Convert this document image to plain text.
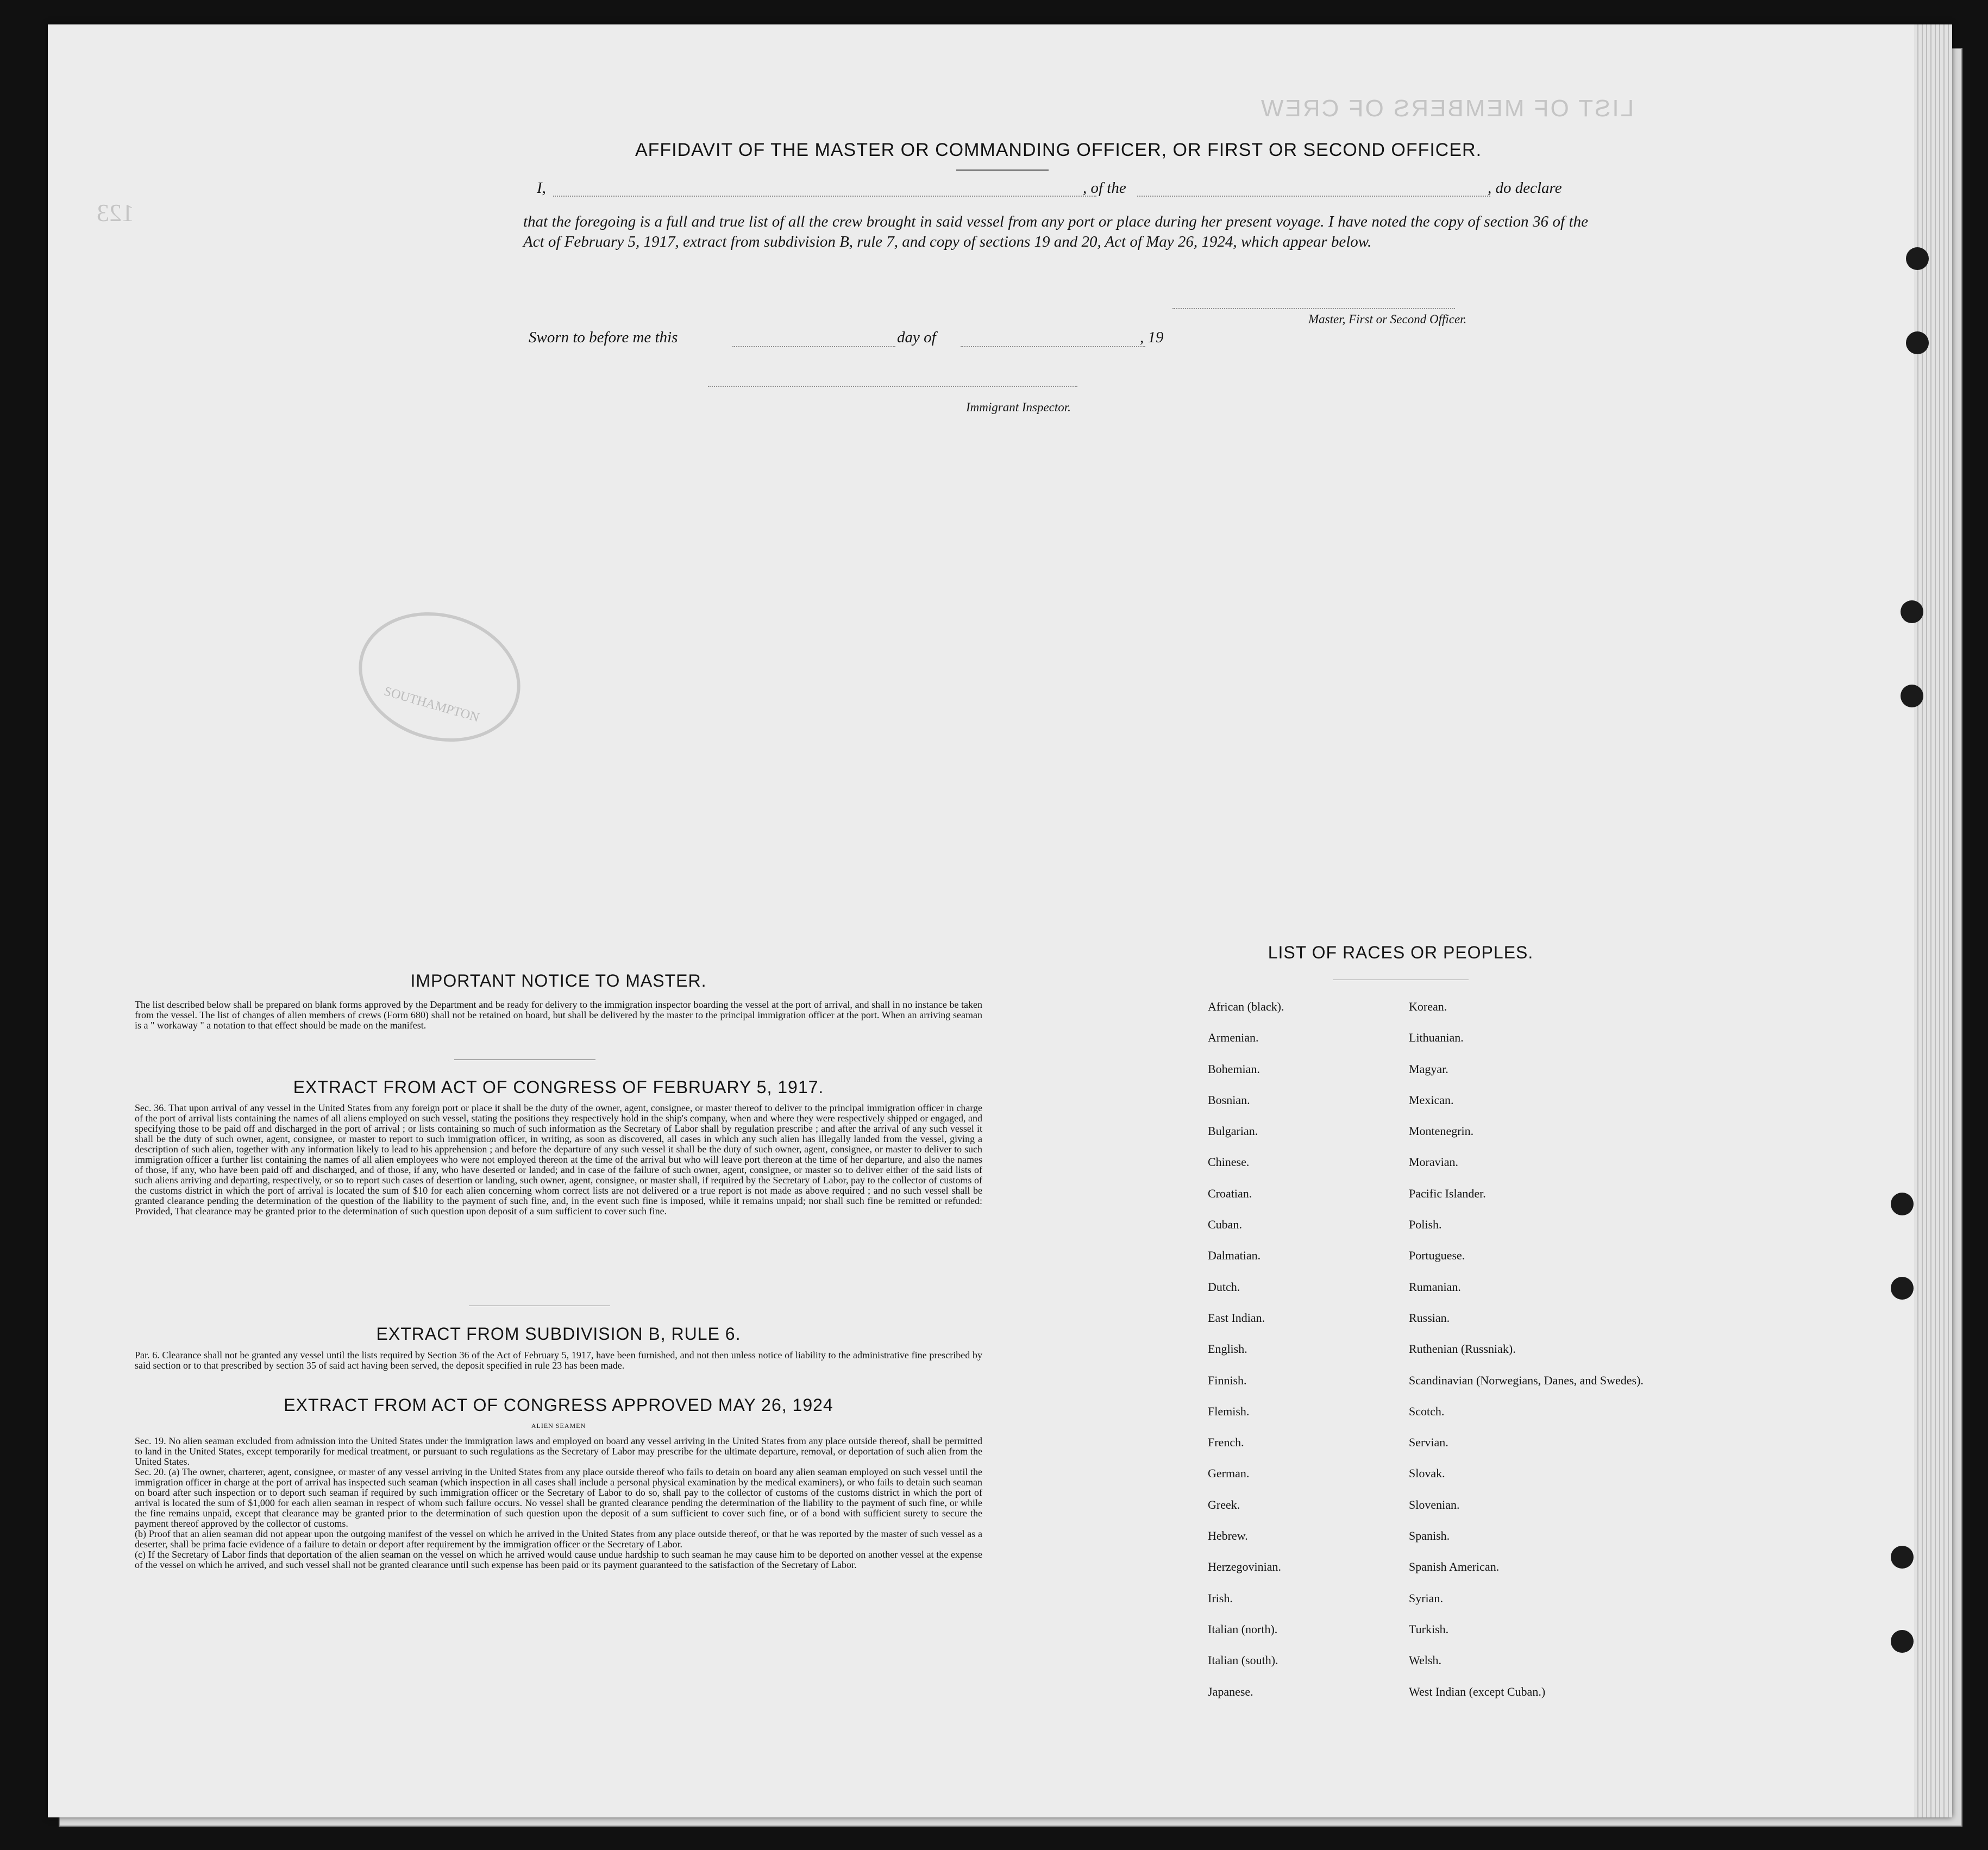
LIST OF MEMBERS OF CREW
123
SOUTHAMPTON
AFFIDAVIT OF THE MASTER OR COMMANDING OFFICER, OR FIRST OR SECOND OFFICER.
I,	, of the	, do declare
that the foregoing is a full and true list of all the crew brought in said vessel from any port or place during her present voyage. I have noted the copy of section 36 of the Act of February 5, 1917, extract from subdivision B, rule 7, and copy of sections 19 and 20, Act of May 26, 1924, which appear below.
Master, First or Second Officer.
Sworn to before me this	day of	, 19
Immigrant Inspector.
IMPORTANT NOTICE TO MASTER.
The list described below shall be prepared on blank forms approved by the Department and be ready for delivery to the immigration inspector boarding the vessel at the port of arrival, and shall in no instance be taken from the vessel. The list of changes of alien members of crews (Form 680) shall not be retained on board, but shall be delivered by the master to the principal immigration officer at the port. When an arriving seaman is a " workaway " a notation to that effect should be made on the manifest.
EXTRACT FROM ACT OF CONGRESS OF FEBRUARY 5, 1917.
Sec. 36. That upon arrival of any vessel in the United States from any foreign port or place it shall be the duty of the owner, agent, consignee, or master thereof to deliver to the principal immigration officer in charge of the port of arrival lists containing the names of all aliens employed on such vessel, stating the positions they respectively hold in the ship's company, when and where they were respectively shipped or engaged, and specifying those to be paid off and discharged in the port of arrival ; or lists containing so much of such information as the Secretary of Labor shall by regulation prescribe ; and after the arrival of any such vessel it shall be the duty of such owner, agent, consignee, or master to report to such immigration officer, in writing, as soon as discovered, all cases in which any such alien has illegally landed from the vessel, giving a description of such alien, together with any information likely to lead to his apprehension ; and before the departure of any such vessel it shall be the duty of such owner, agent, consignee, or master to deliver to such immigration officer a further list containing the names of all alien employees who were not employed thereon at the time of the arrival but who will leave port thereon at the time of her departure, and also the names of those, if any, who have been paid off and discharged, and of those, if any, who have deserted or landed; and in case of the failure of such owner, agent, consignee, or master so to deliver either of the said lists of such aliens arriving and departing, respectively, or so to report such cases of desertion or landing, such owner, agent, consignee, or master shall, if required by the Secretary of Labor, pay to the collector of customs of the customs district in which the port of arrival is located the sum of $10 for each alien concerning whom correct lists are not delivered or a true report is not made as above required ; and no such vessel shall be granted clearance pending the determination of the question of the liability to the payment of such fine, and, in the event such fine is imposed, while it remains unpaid; nor shall such fine be remitted or refunded: Provided, That clearance may be granted prior to the determination of such question upon deposit of a sum sufficient to cover such fine.
EXTRACT FROM SUBDIVISION B, RULE 6.
Par. 6. Clearance shall not be granted any vessel until the lists required by Section 36 of the Act of February 5, 1917, have been furnished, and not then unless notice of liability to the administrative fine prescribed by said section or to that prescribed by section 35 of said act having been served, the deposit specified in rule 23 has been made.
EXTRACT FROM ACT OF CONGRESS APPROVED MAY 26, 1924
ALIEN SEAMEN
Sec. 19. No alien seaman excluded from admission into the United States under the immigration laws and employed on board any vessel arriving in the United States from any place outside thereof, shall be permitted to land in the United States, except temporarily for medical treatment, or pursuant to such regulations as the Secretary of Labor may prescribe for the ultimate departure, removal, or deportation of such alien from the United States.
Sec. 20. (a) The owner, charterer, agent, consignee, or master of any vessel arriving in the United States from any place outside thereof who fails to detain on board any alien seaman employed on such vessel until the immigration officer in charge at the port of arrival has inspected such seaman (which inspection in all cases shall include a personal physical examination by the medical examiners), or who fails to detain such seaman on board after such inspection or to deport such seaman if required by such immigration officer or the Secretary of Labor to do so, shall pay to the collector of customs of the customs district in which the port of arrival is located the sum of $1,000 for each alien seaman in respect of whom such failure occurs. No vessel shall be granted clearance pending the determination of the liability to the payment of such fine, or while the fine remains unpaid, except that clearance may be granted prior to the determination of such question upon the deposit of a sum sufficient to cover such fine, or of a bond with sufficient surety to secure the payment thereof approved by the collector of customs.
(b) Proof that an alien seaman did not appear upon the outgoing manifest of the vessel on which he arrived in the United States from any place outside thereof, or that he was reported by the master of such vessel as a deserter, shall be prima facie evidence of a failure to detain or deport after requirement by the immigration officer or the Secretary of Labor.
(c) If the Secretary of Labor finds that deportation of the alien seaman on the vessel on which he arrived would cause undue hardship to such seaman he may cause him to be deported on another vessel at the expense of the vessel on which he arrived, and such vessel shall not be granted clearance until such expense has been paid or its payment guaranteed to the satisfaction of the Secretary of Labor.
LIST OF RACES OR PEOPLES.
African (black).
Armenian.
Bohemian.
Bosnian.
Bulgarian.
Chinese.
Croatian.
Cuban.
Dalmatian.
Dutch.
East Indian.
English.
Finnish.
Flemish.
French.
German.
Greek.
Hebrew.
Herzegovinian.
Irish.
Italian (north).
Italian (south).
Japanese.
Korean.
Lithuanian.
Magyar.
Mexican.
Montenegrin.
Moravian.
Pacific Islander.
Polish.
Portuguese.
Rumanian.
Russian.
Ruthenian (Russniak).
Scandinavian (Norwegians, Danes, and Swedes).
Scotch.
Servian.
Slovak.
Slovenian.
Spanish.
Spanish American.
Syrian.
Turkish.
Welsh.
West Indian (except Cuban.)
